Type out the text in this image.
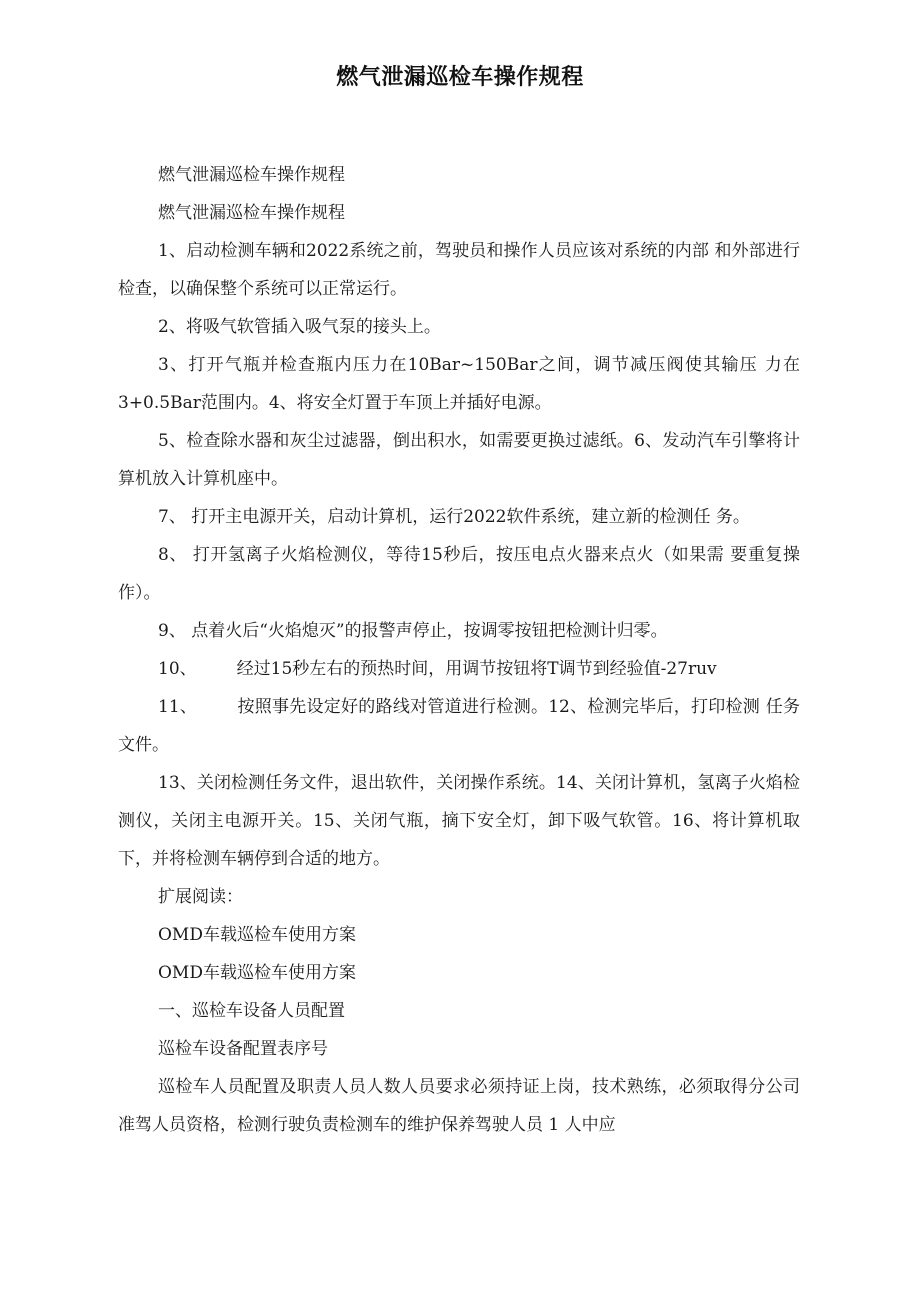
燃气泄漏巡检车操作规程

燃气泄漏巡检车操作规程

燃气泄漏巡检车操作规程

1、启动检测车辆和2022系统之前，驾驶员和操作人员应该对系统的内部 和外部进行检查，以确保整个系统可以正常运行。

2、将吸气软管插入吸气泵的接头上。

3、打开气瓶并检查瓶内压力在10Bar~150Bar之间，调节减压阀使其输压 力在3+0.5Bar范围内。4、将安全灯置于车顶上并插好电源。

5、检查除水器和灰尘过滤器，倒出积水，如需要更换过滤纸。6、发动汽车引擎将计算机放入计算机座中。

7、 打开主电源开关，启动计算机，运行2022软件系统，建立新的检测任 务。

8、 打开氢离子火焰检测仪，等待15秒后，按压电点火器来点火（如果需 要重复操作）。

9、 点着火后“火焰熄灭”的报警声停止，按调零按钮把检测计归零。

10、 经过15秒左右的预热时间，用调节按钮将T调节到经验值-27ruv

11、 按照事先设定好的路线对管道进行检测。12、检测完毕后，打印检测 任务文件。

13、关闭检测任务文件，退出软件，关闭操作系统。14、关闭计算机，氢离子火焰检测仪，关闭主电源开关。15、关闭气瓶，摘下安全灯，卸下吸气软管。16、将计算机取下，并将检测车辆停到合适的地方。

扩展阅读：

OMD车载巡检车使用方案

OMD车载巡检车使用方案

一、巡检车设备人员配置

巡检车设备配置表序号

巡检车人员配置及职责人员人数人员要求必须持证上岗，技术熟练，必须取得分公司准驾人员资格，检测行驶负责检测车的维护保养驾驶人员 1 人中应
